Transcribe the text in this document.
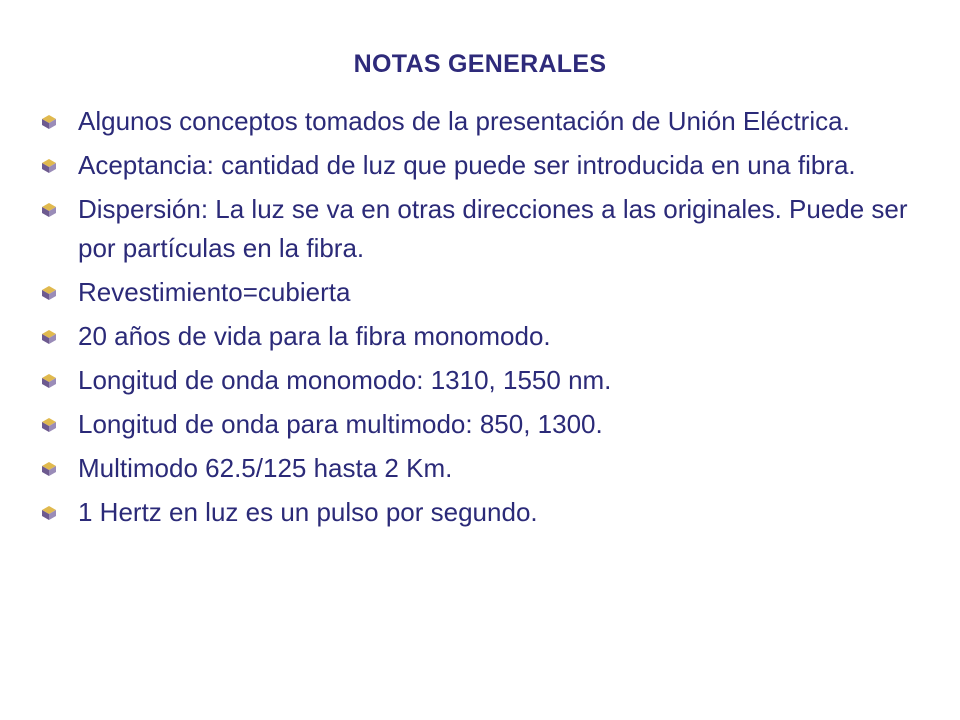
NOTAS GENERALES
Algunos conceptos tomados de la presentación de Unión Eléctrica.
Aceptancia: cantidad de luz que puede ser introducida en una fibra.
Dispersión: La luz se va en otras direcciones a las originales. Puede ser por partículas en la fibra.
Revestimiento=cubierta
20 años de vida para la fibra monomodo.
Longitud de onda monomodo: 1310, 1550 nm.
Longitud de onda para multimodo: 850, 1300.
Multimodo 62.5/125 hasta 2 Km.
1 Hertz en luz es un pulso por segundo.
